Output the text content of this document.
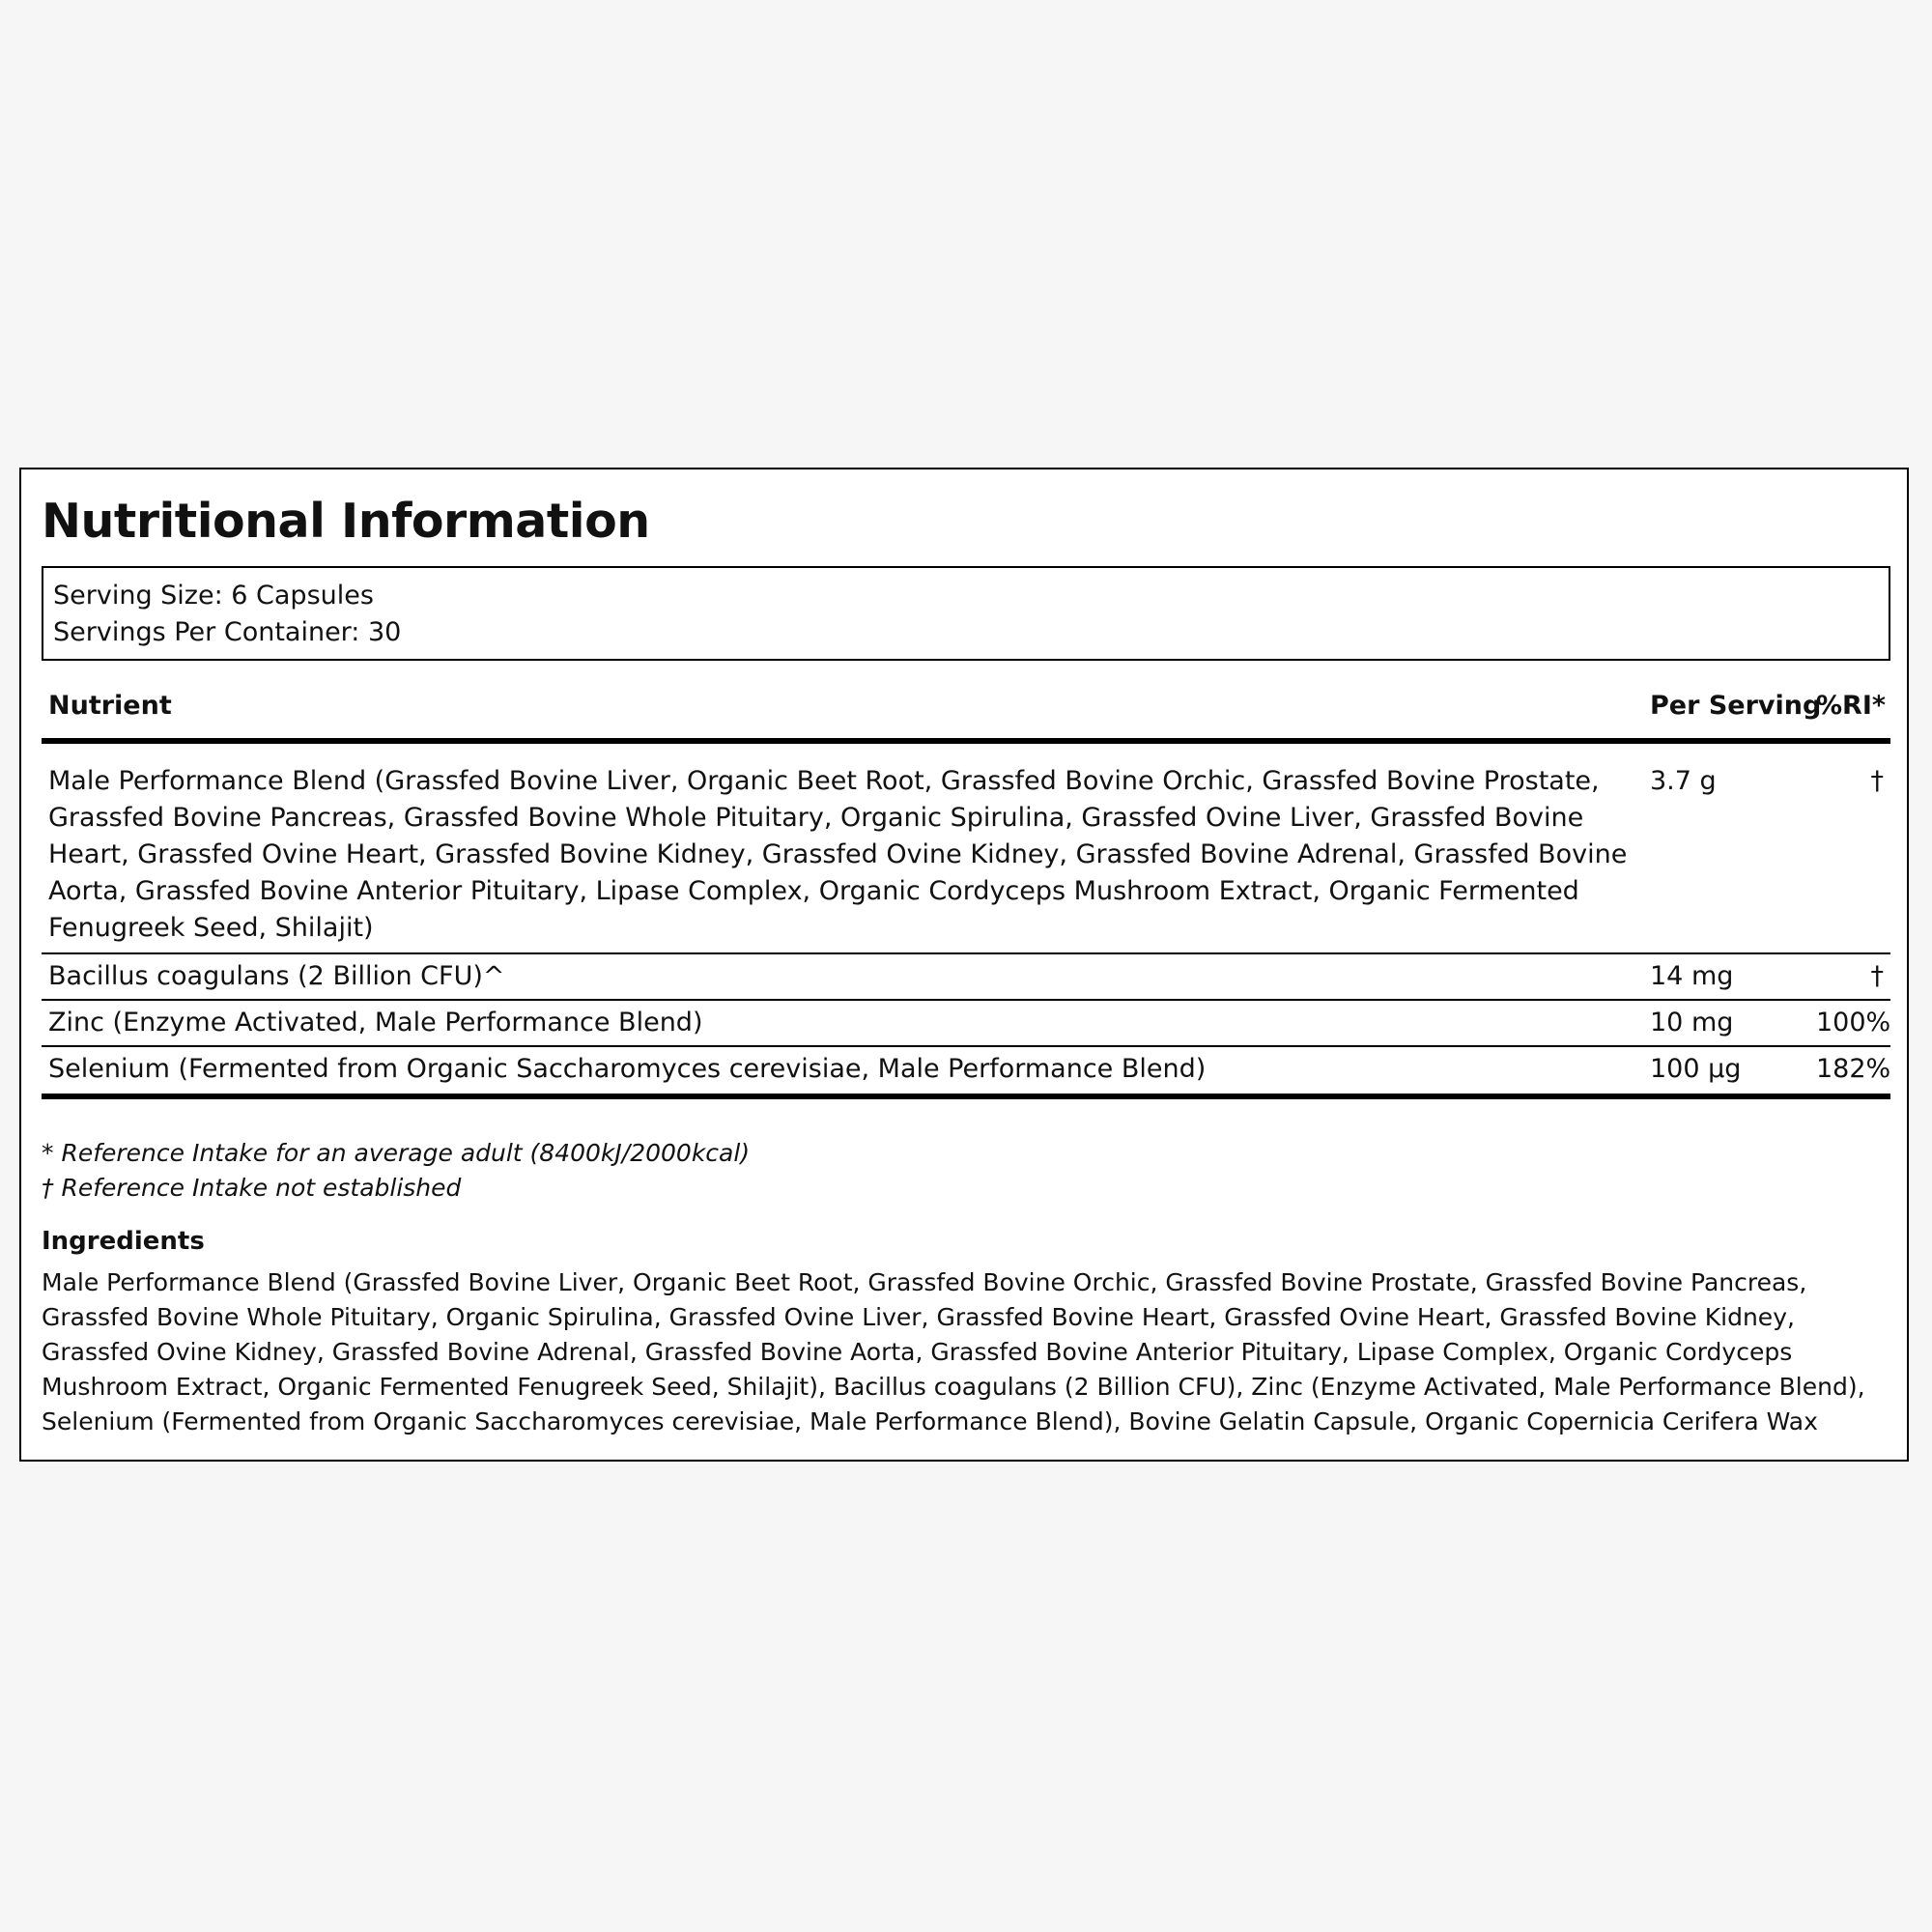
Nutritional Information
Serving Size: 6 Capsules
Servings Per Container: 30
Nutrient	Per Serving	%RI*
Male Performance Blend (Grassfed Bovine Liver, Organic Beet Root, Grassfed Bovine Orchic, Grassfed Bovine Prostate, Grassfed Bovine Pancreas, Grassfed Bovine Whole Pituitary, Organic Spirulina, Grassfed Ovine Liver, Grassfed Bovine Heart, Grassfed Ovine Heart, Grassfed Bovine Kidney, Grassfed Ovine Kidney, Grassfed Bovine Adrenal, Grassfed Bovine Aorta, Grassfed Bovine Anterior Pituitary, Lipase Complex, Organic Cordyceps Mushroom Extract, Organic Fermented Fenugreek Seed, Shilajit)	3.7 g	†
Bacillus coagulans (2 Billion CFU)^	14 mg	†
Zinc (Enzyme Activated, Male Performance Blend)	10 mg	100%
Selenium (Fermented from Organic Saccharomyces cerevisiae, Male Performance Blend)	100 µg	182%
* Reference Intake for an average adult (8400kJ/2000kcal)
† Reference Intake not established
Ingredients

Male Performance Blend (Grassfed Bovine Liver, Organic Beet Root, Grassfed Bovine Orchic, Grassfed Bovine Prostate, Grassfed Bovine Pancreas, Grassfed Bovine Whole Pituitary, Organic Spirulina, Grassfed Ovine Liver, Grassfed Bovine Heart, Grassfed Ovine Heart, Grassfed Bovine Kidney, Grassfed Ovine Kidney, Grassfed Bovine Adrenal, Grassfed Bovine Aorta, Grassfed Bovine Anterior Pituitary, Lipase Complex, Organic Cordyceps Mushroom Extract, Organic Fermented Fenugreek Seed, Shilajit), Bacillus coagulans (2 Billion CFU), Zinc (Enzyme Activated, Male Performance Blend), Selenium (Fermented from Organic Saccharomyces cerevisiae, Male Performance Blend), Bovine Gelatin Capsule, Organic Copernicia Cerifera Wax
